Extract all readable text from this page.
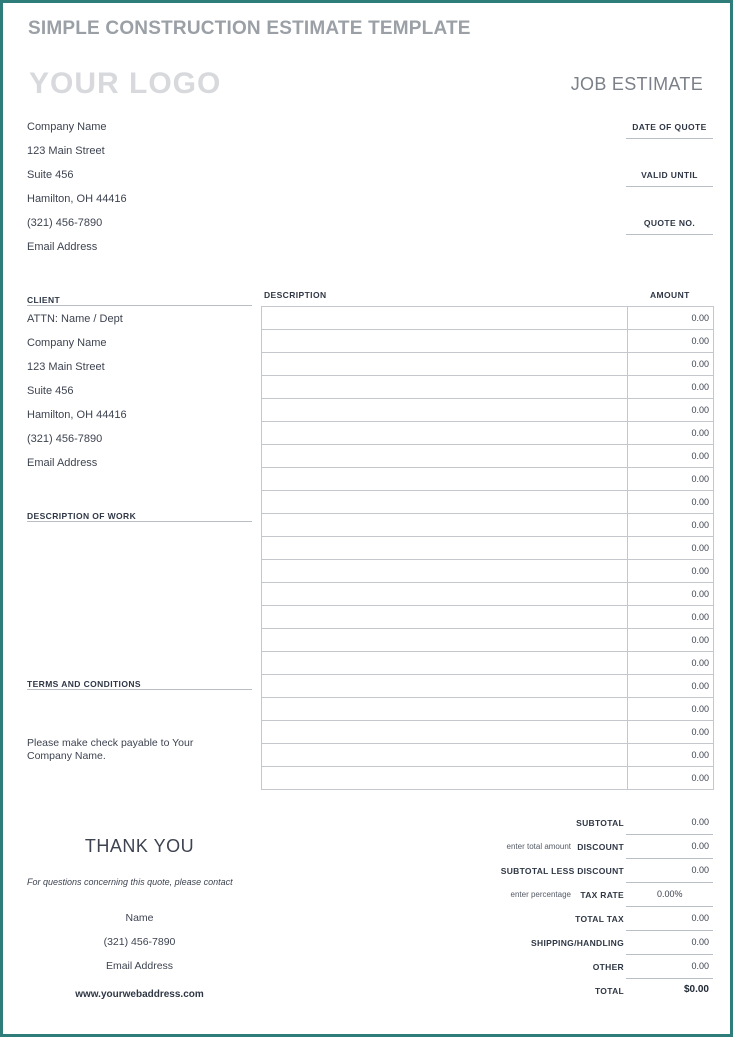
SIMPLE CONSTRUCTION ESTIMATE TEMPLATE
YOUR LOGO	JOB ESTIMATE
Company Name
123 Main Street
Suite 456
Hamilton, OH 44416
(321) 456-7890
Email Address
DATE OF QUOTE
VALID UNTIL
QUOTE NO.
CLIENT
ATTN: Name / Dept
Company Name
123 Main Street
Suite 456
Hamilton, OH 44416
(321) 456-7890
Email Address
DESCRIPTION OF WORK
TERMS AND CONDITIONS
Please make check payable to Your Company Name.
DESCRIPTION	AMOUNT
	0.00
	0.00
	0.00
	0.00
	0.00
	0.00
	0.00
	0.00
	0.00
	0.00
	0.00
	0.00
	0.00
	0.00
	0.00
	0.00
	0.00
	0.00
	0.00
	0.00
	0.00
SUBTOTAL	0.00
enter total amount DISCOUNT	0.00
SUBTOTAL LESS DISCOUNT	0.00
enter percentage TAX RATE	0.00%
TOTAL TAX	0.00
SHIPPING/HANDLING	0.00
OTHER	0.00
TOTAL	$0.00
THANK YOU
For questions concerning this quote, please contact
Name
(321) 456-7890
Email Address
www.yourwebaddress.com
